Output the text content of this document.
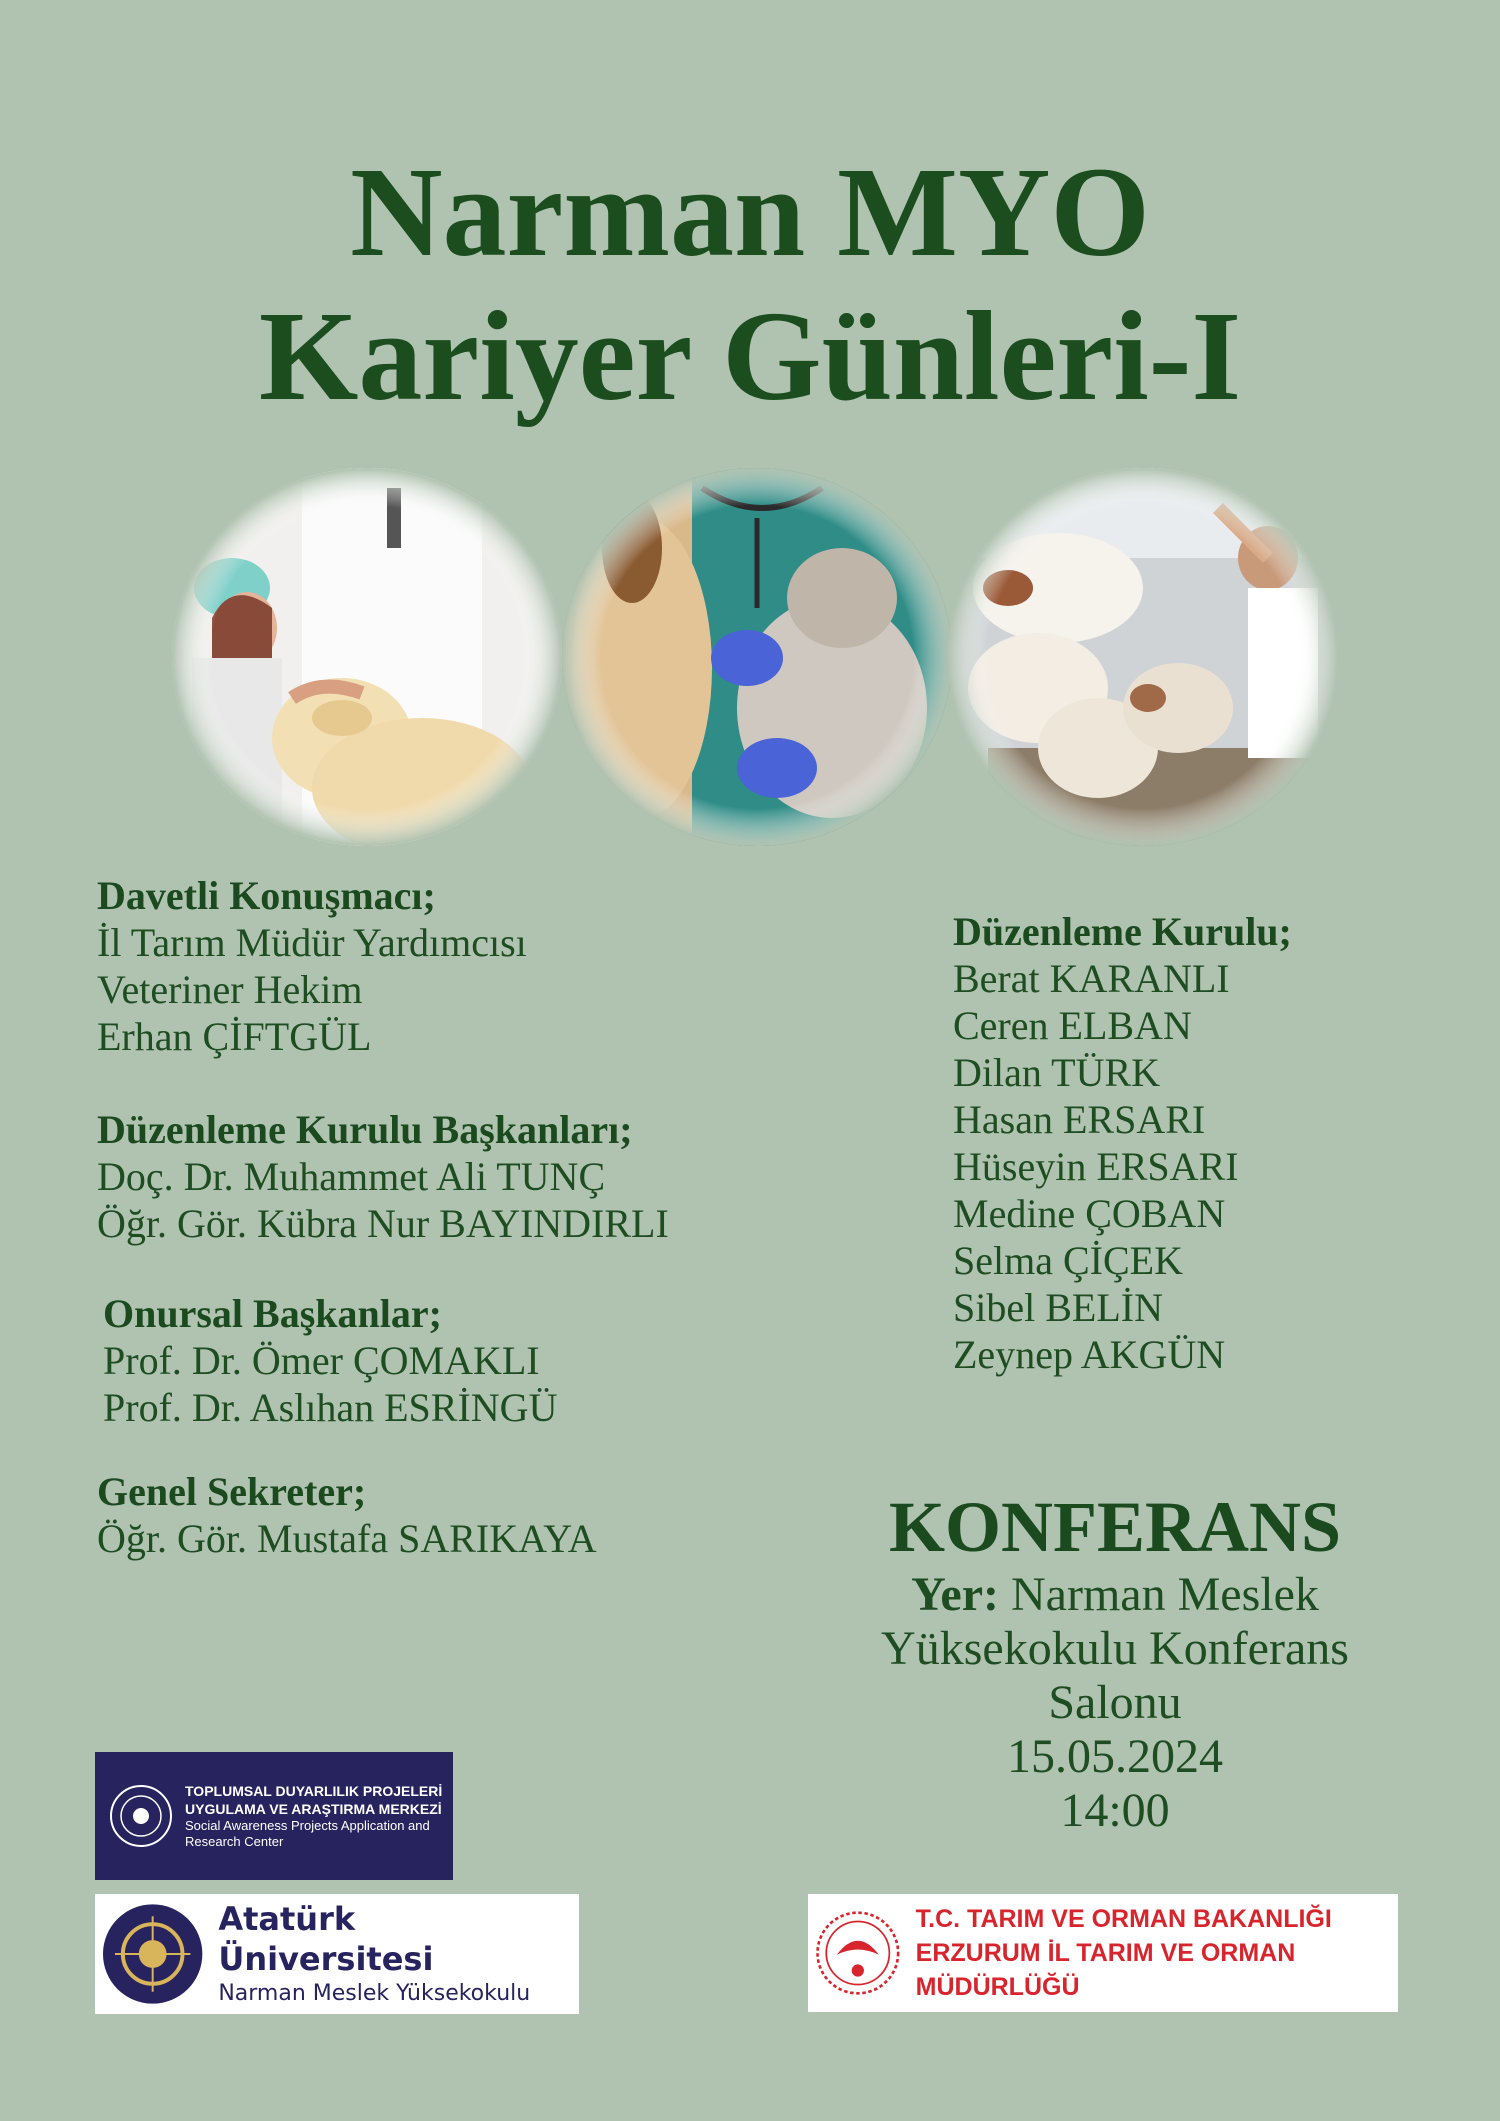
Narman MYO
Kariyer Günleri-I
Davetli Konuşmacı;
İl Tarım Müdür Yardımcısı
Veteriner Hekim
Erhan ÇİFTGÜL
Düzenleme Kurulu Başkanları;
Doç. Dr. Muhammet Ali TUNÇ
Öğr. Gör. Kübra Nur BAYINDIRLI
Onursal Başkanlar;
Prof. Dr. Ömer ÇOMAKLI
Prof. Dr. Aslıhan ESRİNGÜ
Genel Sekreter;
Öğr. Gör. Mustafa SARIKAYA
Düzenleme Kurulu;
Berat KARANLI
Ceren ELBAN
Dilan TÜRK
Hasan ERSARI
Hüseyin ERSARI
Medine ÇOBAN
Selma ÇİÇEK
Sibel BELİN
Zeynep AKGÜN
KONFERANS
Yer: Narman Meslek
Yüksekokulu Konferans
Salonu
15.05.2024
14:00
TOPLUMSAL DUYARLILIK PROJELERİ
UYGULAMA VE ARAŞTIRMA MERKEZİ
Social Awareness Projects Application and
Research Center
Atatürk Üniversitesi
Narman Meslek Yüksekokulu
T.C. TARIM VE ORMAN BAKANLIĞI
ERZURUM İL TARIM VE ORMAN MÜDÜRLÜĞÜ
